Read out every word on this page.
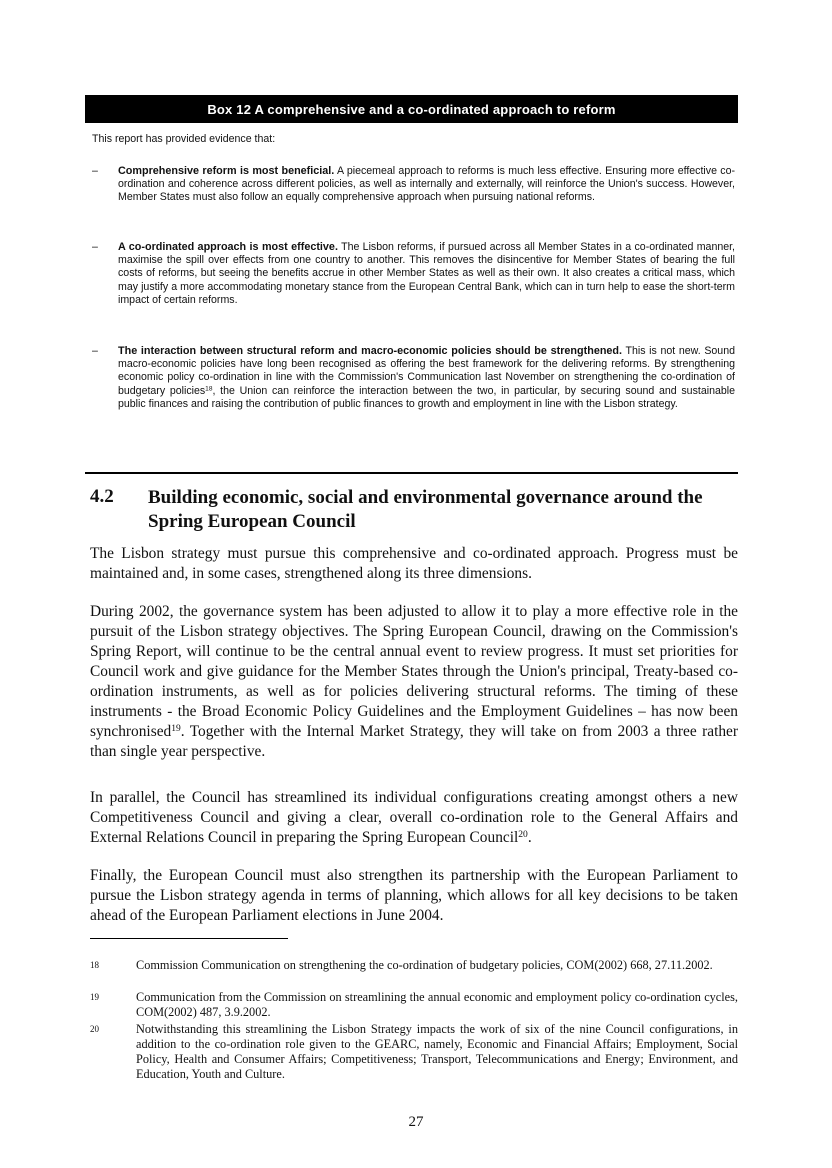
Box 12 A comprehensive and a co-ordinated approach to reform
This report has provided evidence that:
– Comprehensive reform is most beneficial. A piecemeal approach to reforms is much less effective. Ensuring more effective co-ordination and coherence across different policies, as well as internally and externally, will reinforce the Union's success. However, Member States must also follow an equally comprehensive approach when pursuing national reforms.
– A co-ordinated approach is most effective. The Lisbon reforms, if pursued across all Member States in a co-ordinated manner, maximise the spill over effects from one country to another. This removes the disincentive for Member States of bearing the full costs of reforms, but seeing the benefits accrue in other Member States as well as their own. It also creates a critical mass, which may justify a more accommodating monetary stance from the European Central Bank, which can in turn help to ease the short-term impact of certain reforms.
– The interaction between structural reform and macro-economic policies should be strengthened. This is not new. Sound macro-economic policies have long been recognised as offering the best framework for the delivering reforms. By strengthening economic policy co-ordination in line with the Commission's Communication last November on strengthening the co-ordination of budgetary policies$^{18}$, the Union can reinforce the interaction between the two, in particular, by securing sound and sustainable public finances and raising the contribution of public finances to growth and employment in line with the Lisbon strategy.
4.2 Building economic, social and environmental governance around the Spring European Council
The Lisbon strategy must pursue this comprehensive and co-ordinated approach. Progress must be maintained and, in some cases, strengthened along its three dimensions.
During 2002, the governance system has been adjusted to allow it to play a more effective role in the pursuit of the Lisbon strategy objectives. The Spring European Council, drawing on the Commission's Spring Report, will continue to be the central annual event to review progress. It must set priorities for Council work and give guidance for the Member States through the Union's principal, Treaty-based co-ordination instruments, as well as for policies delivering structural reforms. The timing of these instruments - the Broad Economic Policy Guidelines and the Employment Guidelines – has now been synchronised$^{19}$. Together with the Internal Market Strategy, they will take on from 2003 a three rather than single year perspective.
In parallel, the Council has streamlined its individual configurations creating amongst others a new Competitiveness Council and giving a clear, overall co-ordination role to the General Affairs and External Relations Council in preparing the Spring European Council$^{20}$.
Finally, the European Council must also strengthen its partnership with the European Parliament to pursue the Lisbon strategy agenda in terms of planning, which allows for all key decisions to be taken ahead of the European Parliament elections in June 2004.
18	Commission Communication on strengthening the co-ordination of budgetary policies, COM(2002) 668, 27.11.2002.
19	Communication from the Commission on streamlining the annual economic and employment policy co-ordination cycles, COM(2002) 487, 3.9.2002.
20	Notwithstanding this streamlining the Lisbon Strategy impacts the work of six of the nine Council configurations, in addition to the co-ordination role given to the GEARC, namely, Economic and Financial Affairs; Employment, Social Policy, Health and Consumer Affairs; Competitiveness; Transport, Telecommunications and Energy; Environment, and Education, Youth and Culture.
27
